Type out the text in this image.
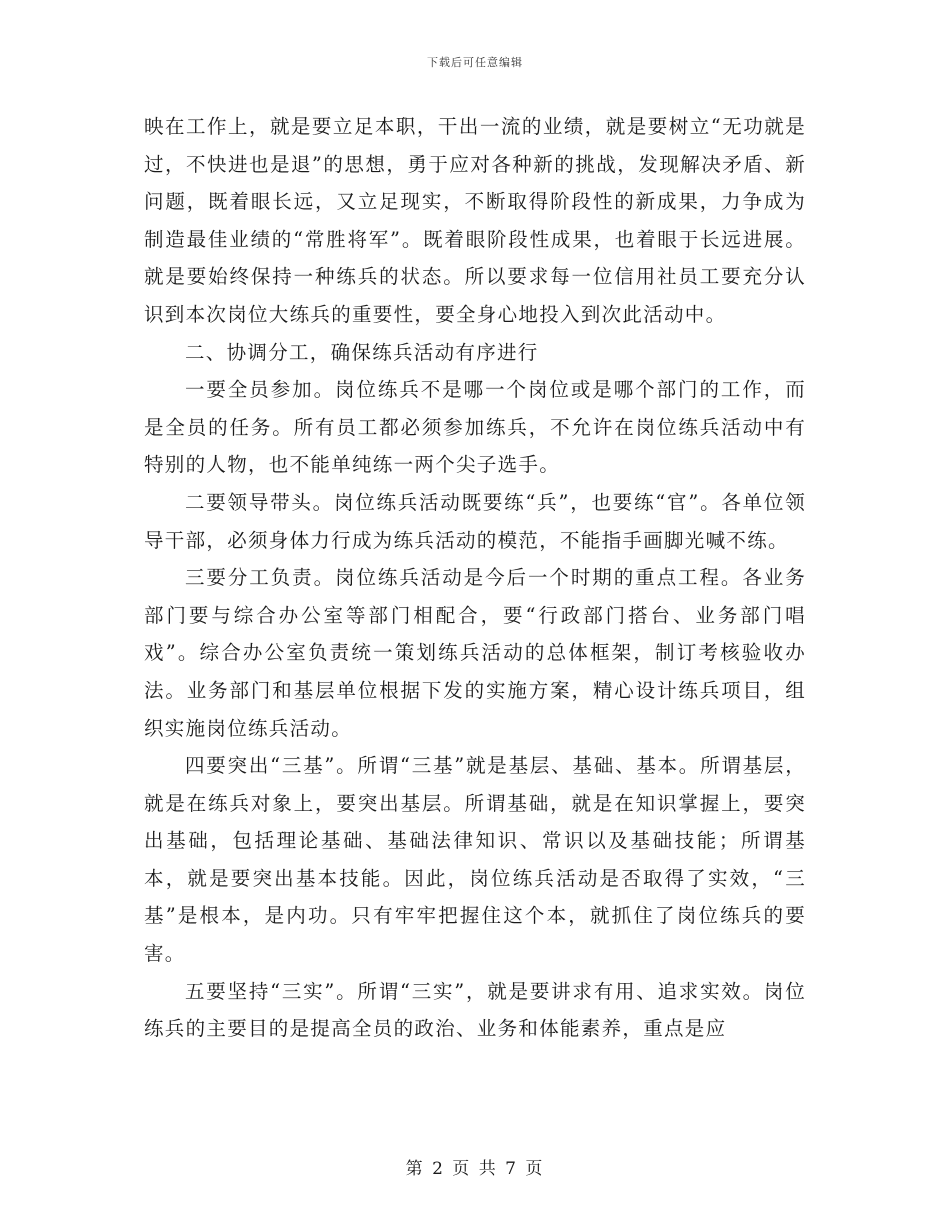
下载后可任意编辑

映在工作上，就是要立足本职，干出一流的业绩，就是要树立“无功就是过，不快进也是退”的思想，勇于应对各种新的挑战，发现解决矛盾、新问题，既着眼长远，又立足现实，不断取得阶段性的新成果，力争成为制造最佳业绩的“常胜将军”。既着眼阶段性成果，也着眼于长远进展。就是要始终保持一种练兵的状态。所以要求每一位信用社员工要充分认识到本次岗位大练兵的重要性，要全身心地投入到次此活动中。

二、协调分工，确保练兵活动有序进行

一要全员参加。岗位练兵不是哪一个岗位或是哪个部门的工作，而是全员的任务。所有员工都必须参加练兵，不允许在岗位练兵活动中有特别的人物，也不能单纯练一两个尖子选手。

二要领导带头。岗位练兵活动既要练“兵”，也要练“官”。各单位领导干部，必须身体力行成为练兵活动的模范，不能指手画脚光喊不练。

三要分工负责。岗位练兵活动是今后一个时期的重点工程。各业务部门要与综合办公室等部门相配合，要“行政部门搭台、业务部门唱戏”。综合办公室负责统一策划练兵活动的总体框架，制订考核验收办法。业务部门和基层单位根据下发的实施方案，精心设计练兵项目，组织实施岗位练兵活动。

四要突出“三基”。所谓“三基”就是基层、基础、基本。所谓基层，就是在练兵对象上，要突出基层。所谓基础，就是在知识掌握上，要突出基础，包括理论基础、基础法律知识、常识以及基础技能；所谓基本，就是要突出基本技能。因此，岗位练兵活动是否取得了实效，“三基”是根本，是内功。只有牢牢把握住这个本，就抓住了岗位练兵的要害。

五要坚持“三实”。所谓“三实”，就是要讲求有用、追求实效。岗位练兵的主要目的是提高全员的政治、业务和体能素养，重点是应

第 2 页 共 7 页
